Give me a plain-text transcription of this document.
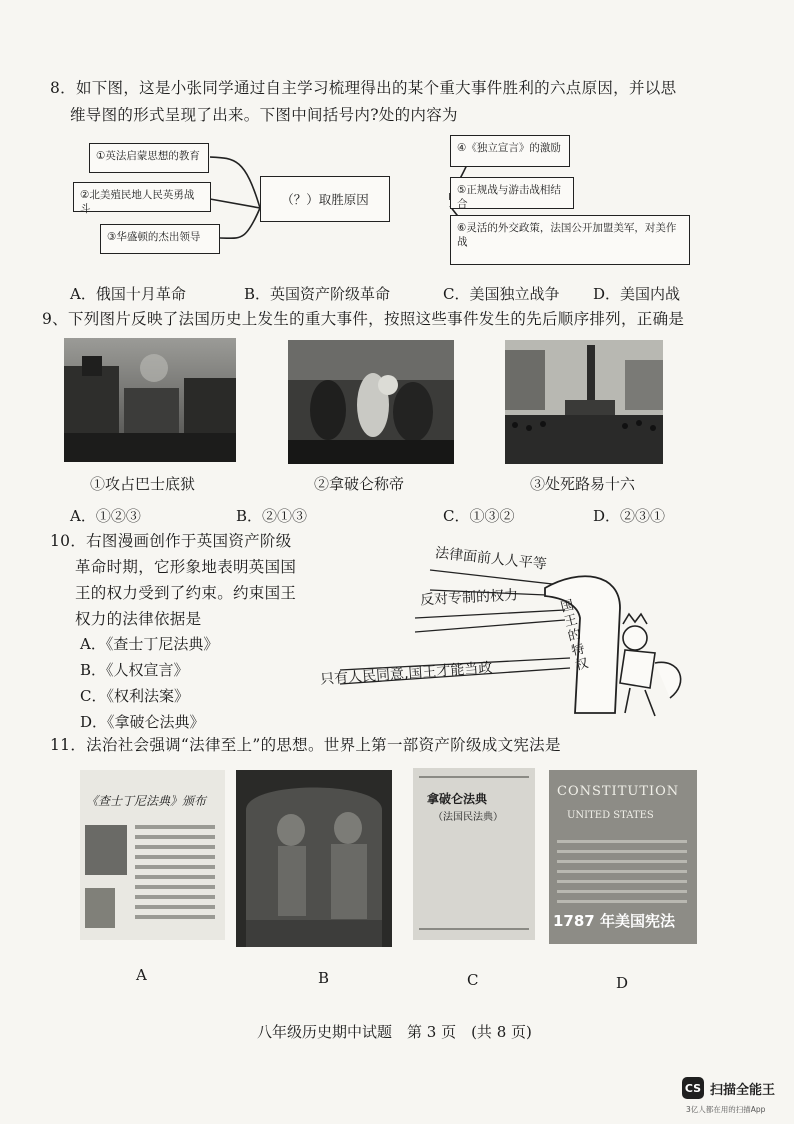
8．如下图，这是小张同学通过自主学习梳理得出的某个重大事件胜利的六点原因，并以思
维导图的形式呈现了出来。下图中间括号内?处的内容为
①英法启蒙思想的教育
②北美殖民地人民英勇战斗
③华盛顿的杰出领导
（？）取胜原因
④《独立宣言》的激励
⑤正规战与游击战相结合
⑥灵活的外交政策，法国公开加盟美军，对美作战
A．俄国十月革命	B．英国资产阶级革命	C．美国独立战争 D．美国内战
9、下列图片反映了法国历史上发生的重大事件，按照这些事件发生的先后顺序排列，正确是
①攻占巴士底狱	②拿破仑称帝	③处死路易十六
A．①②③	B．②①③	C．①③②	D．②③①
10．右图漫画创作于英国资产阶级
革命时期，它形象地表明英国国
王的权力受到了约束。约束国王
权力的法律依据是
A．《查士丁尼法典》
B．《人权宣言》
C．《权利法案》
D．《拿破仑法典》
法律面前人人平等
反对专制的权力
只有人民同意,国王才能当政
国王的特权
11．法治社会强调“法律至上”的思想。世界上第一部资产阶级成文宪法是
《查士丁尼法典》颁布	拿破仑法典
（法国民法典）
CONSTITUTION
UNITED STATES
1787 年美国宪法
A	B	C	D
八年级历史期中试题　第 3 页　(共 8 页)
CS 扫描全能王
3亿人都在用的扫描App
